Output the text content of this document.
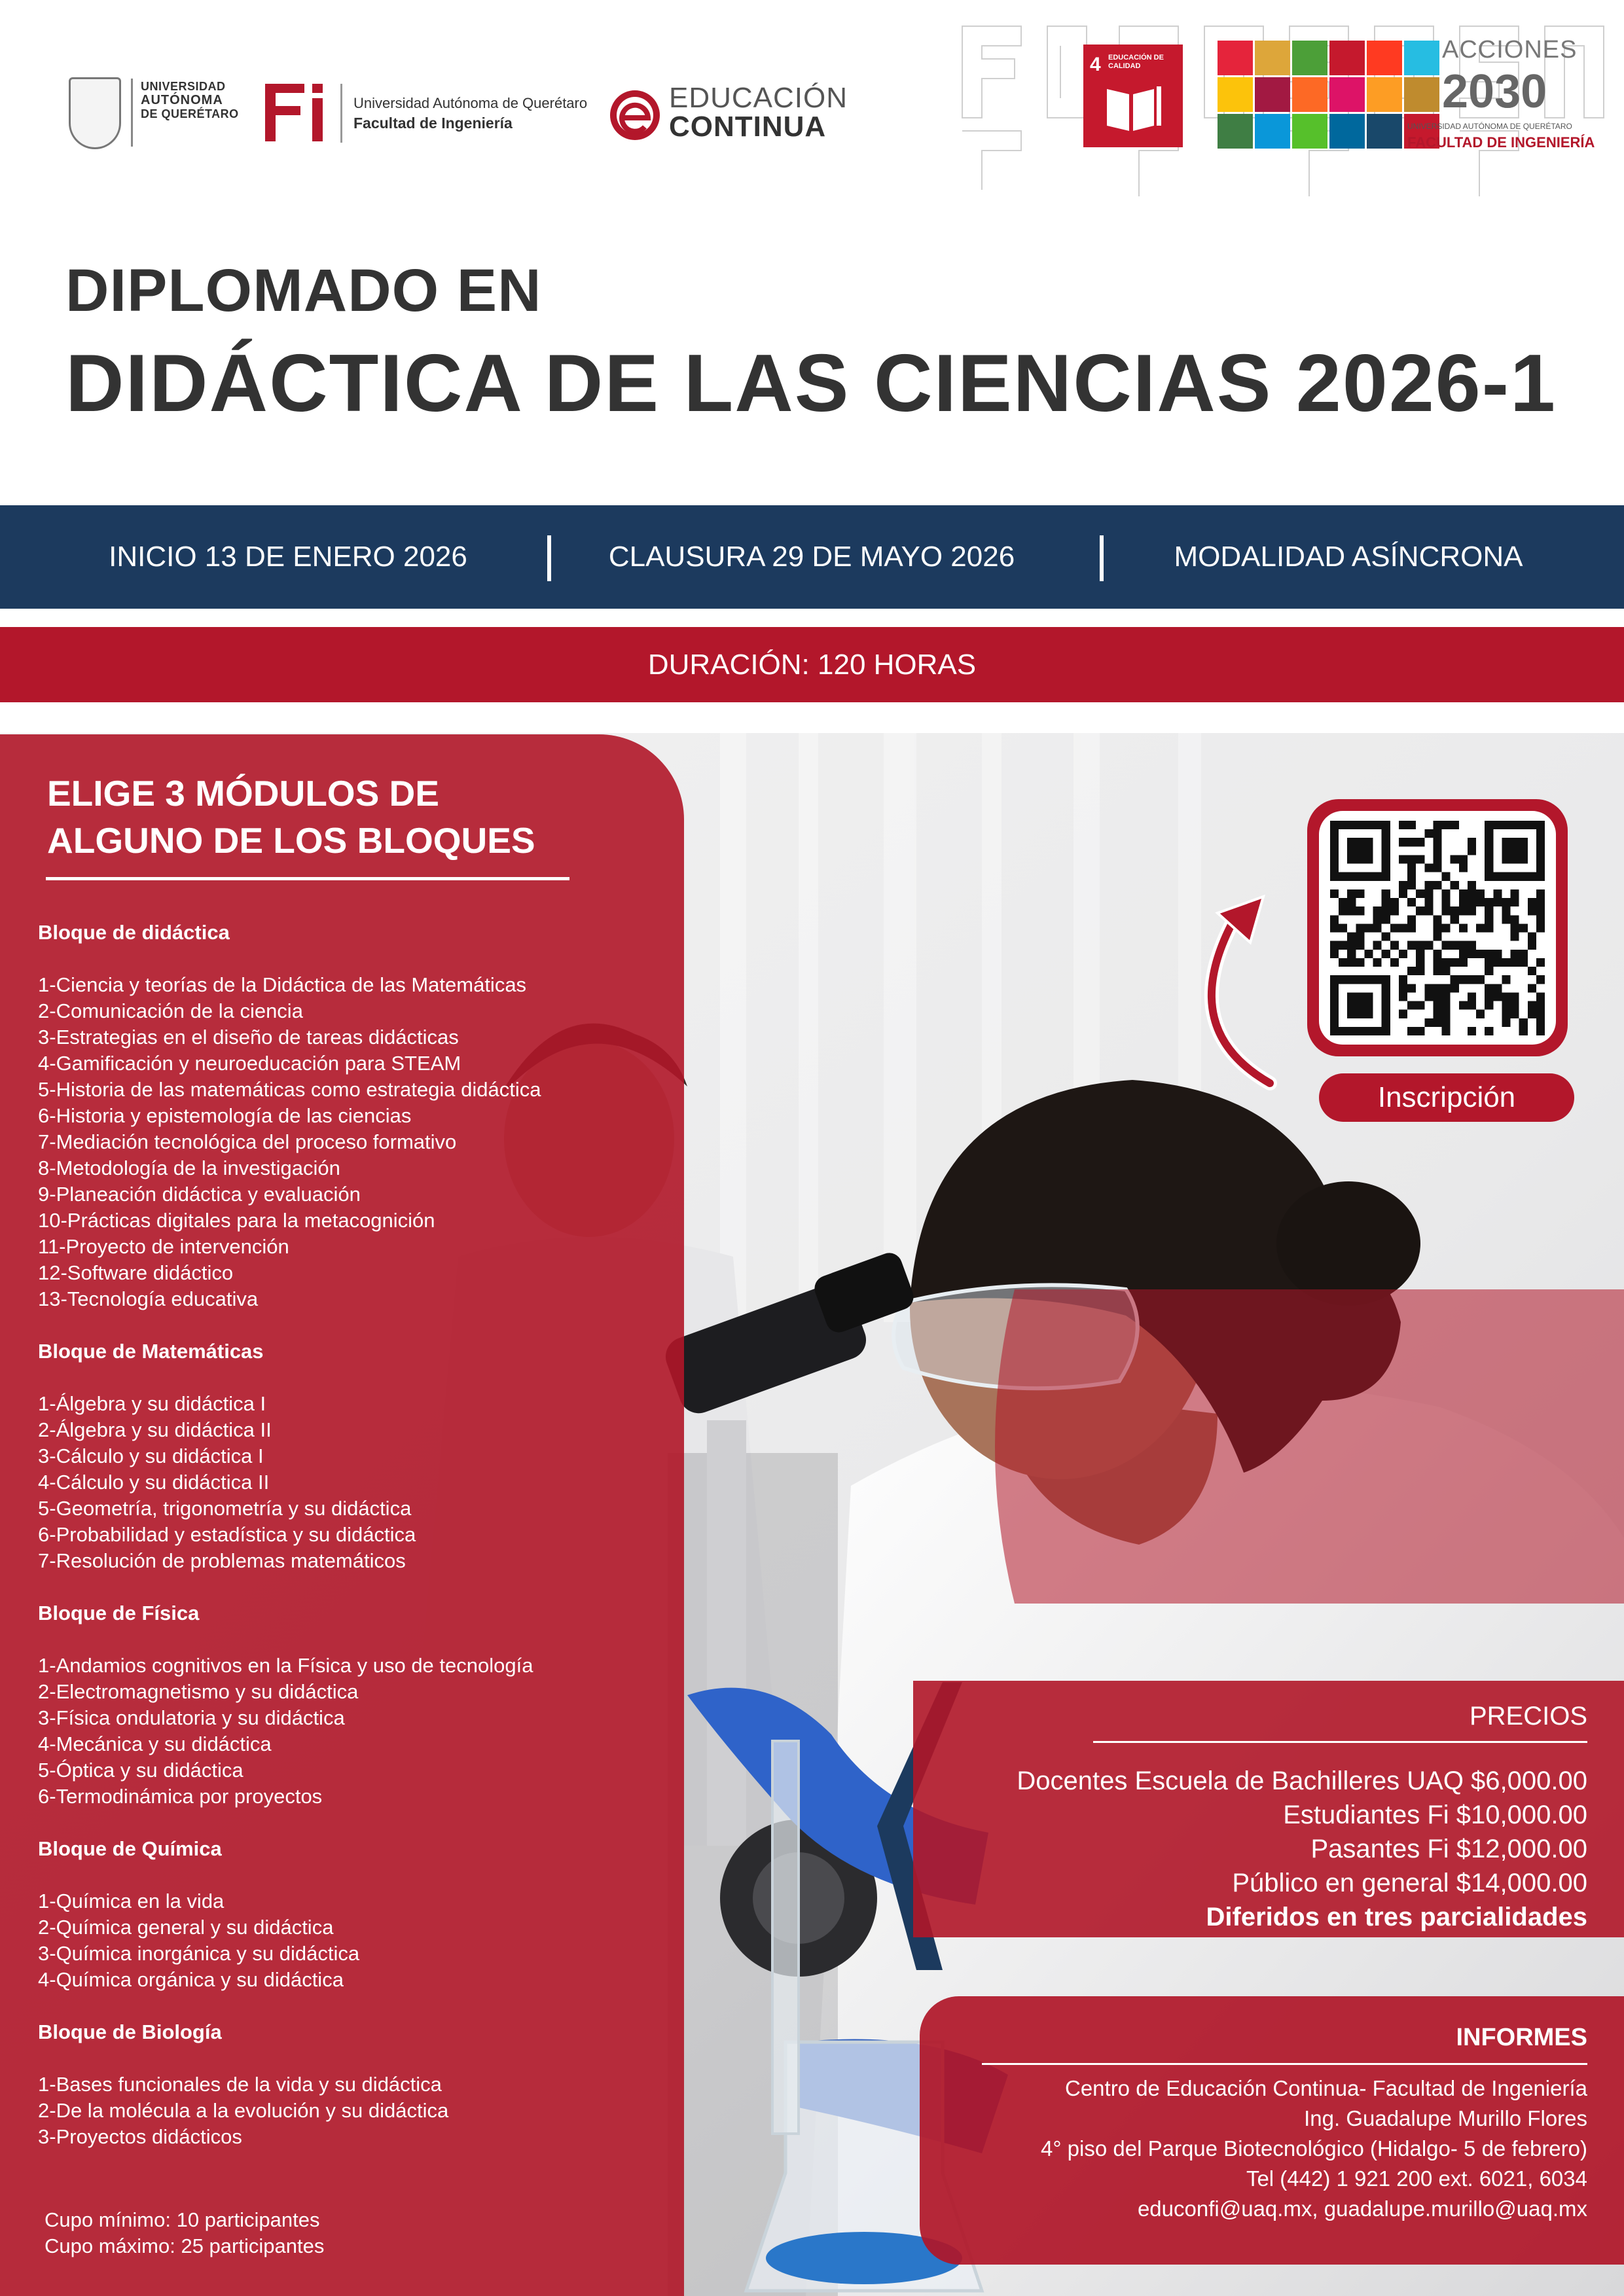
UNIVERSIDAD
AUTÓNOMA
DE QUERÉTARO
Fi
Universidad Autónoma de Querétaro
Facultad de Ingeniería
EDUCACIÓN
CONTINUA
4 EDUCACIÓN DE CALIDAD
ACCIONES
2030
UNIVERSIDAD AUTÓNOMA DE QUERÉTARO
FACULTAD DE INGENIERÍA
DIPLOMADO EN
DIDÁCTICA DE LAS CIENCIAS 2026-1
INICIO 13 DE ENERO 2026	CLAUSURA 29 DE MAYO 2026	MODALIDAD ASÍNCRONA
DURACIÓN: 120 HORAS
ELIGE 3 MÓDULOS DE
ALGUNO DE LOS BLOQUES
Bloque de didáctica
1-Ciencia y teorías de la Didáctica de las Matemáticas
2-Comunicación de la ciencia
3-Estrategias en el diseño de tareas didácticas
4-Gamificación y neuroeducación para STEAM
5-Historia de las matemáticas como estrategia didáctica
6-Historia y epistemología de las ciencias
7-Mediación tecnológica del proceso formativo
8-Metodología de la investigación
9-Planeación didáctica y evaluación
10-Prácticas digitales para la metacognición
11-Proyecto de intervención
12-Software didáctico
13-Tecnología educativa
Bloque de Matemáticas
1-Álgebra y su didáctica I
2-Álgebra y su didáctica II
3-Cálculo y su didáctica I
4-Cálculo y su didáctica II
5-Geometría, trigonometría y su didáctica
6-Probabilidad y estadística y su didáctica
7-Resolución de problemas matemáticos
Bloque de Física
1-Andamios cognitivos en la Física y uso de tecnología
2-Electromagnetismo y su didáctica
3-Física ondulatoria y su didáctica
4-Mecánica y su didáctica
5-Óptica y su didáctica
6-Termodinámica por proyectos
Bloque de Química
1-Química en la vida
2-Química general y su didáctica
3-Química inorgánica y su didáctica
4-Química orgánica y su didáctica
Bloque de Biología
1-Bases funcionales de la vida y su didáctica
2-De la molécula a la evolución y su didáctica
3-Proyectos didácticos
Cupo mínimo: 10 participantes
Cupo máximo: 25 participantes
Inscripción
PRECIOS
Docentes Escuela de Bachilleres UAQ $6,000.00
Estudiantes Fi $10,000.00
Pasantes Fi $12,000.00
Público en general $14,000.00
Diferidos en tres parcialidades
INFORMES
Centro de Educación Continua- Facultad de Ingeniería
Ing. Guadalupe Murillo Flores
4° piso del Parque Biotecnológico (Hidalgo- 5 de febrero)
Tel (442) 1 921 200 ext. 6021, 6034
educonfi@uaq.mx, guadalupe.murillo@uaq.mx
